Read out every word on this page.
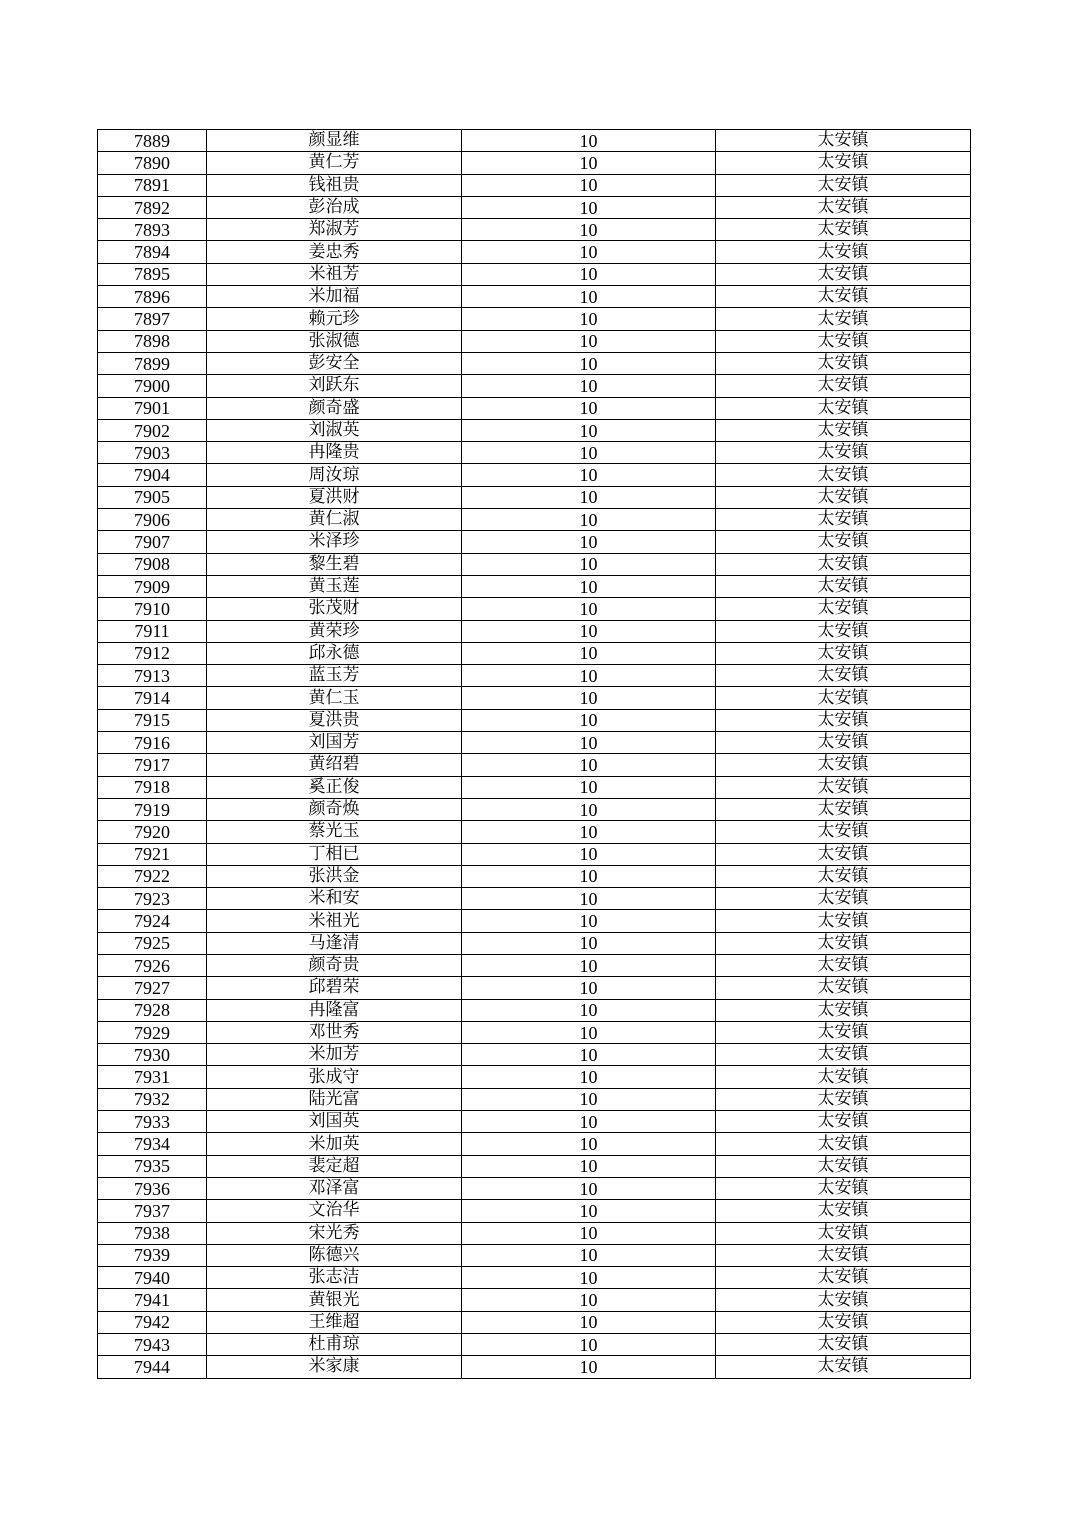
7889	颜显维	10	太安镇
7890	黄仁芳	10	太安镇
7891	钱祖贵	10	太安镇
7892	彭治成	10	太安镇
7893	郑淑芳	10	太安镇
7894	姜忠秀	10	太安镇
7895	米祖芳	10	太安镇
7896	米加福	10	太安镇
7897	赖元珍	10	太安镇
7898	张淑德	10	太安镇
7899	彭安全	10	太安镇
7900	刘跃东	10	太安镇
7901	颜奇盛	10	太安镇
7902	刘淑英	10	太安镇
7903	冉隆贵	10	太安镇
7904	周汝琼	10	太安镇
7905	夏洪财	10	太安镇
7906	黄仁淑	10	太安镇
7907	米泽珍	10	太安镇
7908	黎生碧	10	太安镇
7909	黄玉莲	10	太安镇
7910	张茂财	10	太安镇
7911	黄荣珍	10	太安镇
7912	邱永德	10	太安镇
7913	蓝玉芳	10	太安镇
7914	黄仁玉	10	太安镇
7915	夏洪贵	10	太安镇
7916	刘国芳	10	太安镇
7917	黄绍碧	10	太安镇
7918	奚正俊	10	太安镇
7919	颜奇焕	10	太安镇
7920	蔡光玉	10	太安镇
7921	丁相已	10	太安镇
7922	张洪金	10	太安镇
7923	米和安	10	太安镇
7924	米祖光	10	太安镇
7925	马逢清	10	太安镇
7926	颜奇贵	10	太安镇
7927	邱碧荣	10	太安镇
7928	冉隆富	10	太安镇
7929	邓世秀	10	太安镇
7930	米加芳	10	太安镇
7931	张成守	10	太安镇
7932	陆光富	10	太安镇
7933	刘国英	10	太安镇
7934	米加英	10	太安镇
7935	裴定超	10	太安镇
7936	邓泽富	10	太安镇
7937	文治华	10	太安镇
7938	宋光秀	10	太安镇
7939	陈德兴	10	太安镇
7940	张志洁	10	太安镇
7941	黄银光	10	太安镇
7942	王维超	10	太安镇
7943	杜甫琼	10	太安镇
7944	米家康	10	太安镇
